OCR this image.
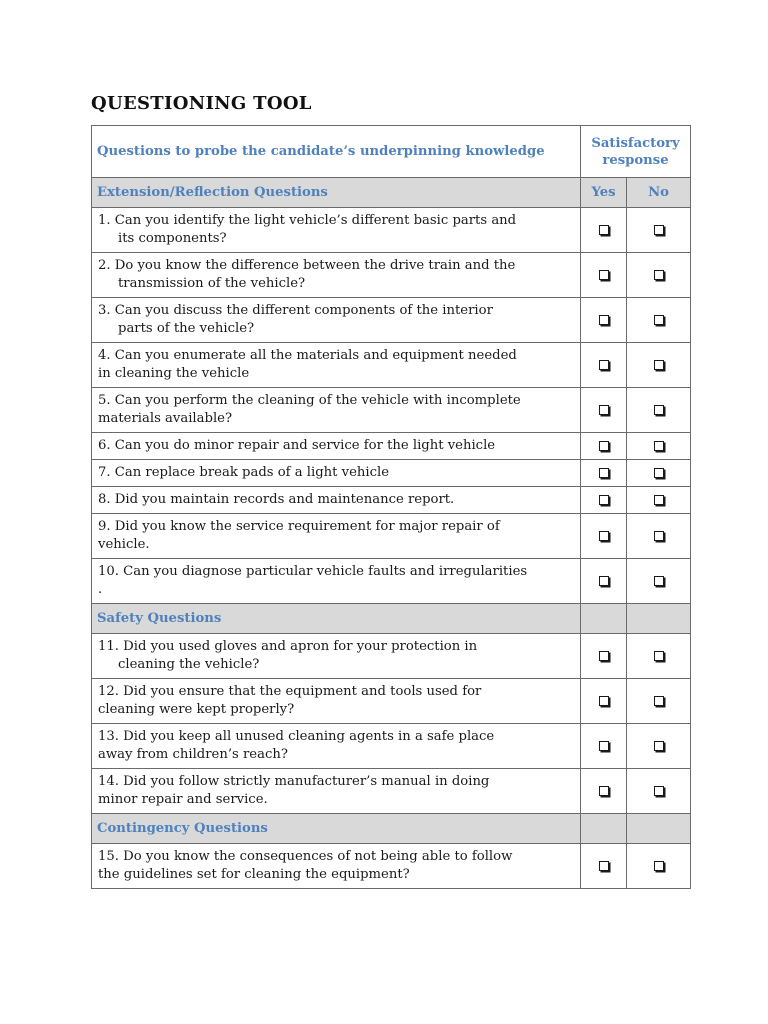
QUESTIONING TOOL
Questions to probe the candidate’s underpinning knowledge	Satisfactory response	
Extension/Reflection Questions	Yes	No

1. Can you identify the light vehicle’s different basic parts and
its components?		

2. Do you know the difference between the drive train and the
transmission of the vehicle?		

3. Can you discuss the different components of the interior
parts of the vehicle?		

4. Can you enumerate all the materials and equipment needed
in cleaning the vehicle		

5. Can you perform the cleaning of the vehicle with incomplete
materials available?		

6. Can you do minor repair and service for the light vehicle		

7. Can replace break pads of a light vehicle		

8. Did you maintain records and maintenance report.		

9. Did you know the service requirement for major repair of
vehicle.		

10. Can you diagnose particular vehicle faults and irregularities
.		

Safety Questions		

11. Did you used gloves and apron for your protection in
cleaning the vehicle?		

12. Did you ensure that the equipment and tools used for
cleaning were kept properly?		

13. Did you keep all unused cleaning agents in a safe place
away from children’s reach?		

14. Did you follow strictly manufacturer’s manual in doing
minor repair and service.		

Contingency Questions		

15. Do you know the consequences of not being able to follow
the guidelines set for cleaning the equipment?		
